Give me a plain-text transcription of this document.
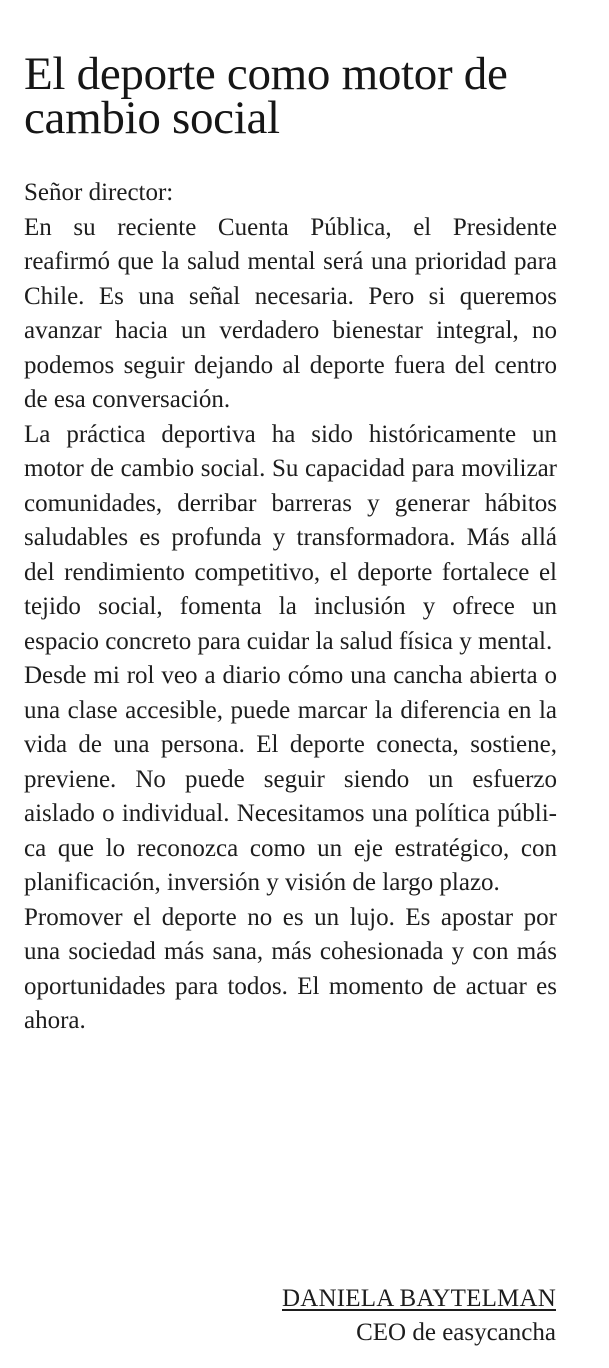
El deporte como motor de cambio social

Señor director:

En su reciente Cuenta Pública, el Presidente reafirmó que la salud mental será una prioridad para Chile. Es una señal necesaria. Pero si queremos avanzar hacia un verdadero bienestar integral, no podemos seguir dejando al deporte fuera del centro de esa conversación.

La práctica deportiva ha sido históricamente un motor de cambio social. Su capacidad para movilizar comunidades, derribar barreras y generar hábitos saludables es profunda y transformadora. Más allá del rendimiento competitivo, el deporte fortalece el tejido social, fomenta la inclusión y ofrece un espacio concreto para cuidar la salud física y mental.

Desde mi rol veo a diario cómo una cancha abierta o una clase accesible, puede marcar la diferencia en la vida de una persona. El deporte conecta, sostiene, previene. No puede seguir siendo un esfuerzo aislado o individual. Necesitamos una política pública que lo reconozca como un eje estratégico, con planificación, inversión y visión de largo plazo.

Promover el deporte no es un lujo. Es apostar por una sociedad más sana, más cohesionada y con más oportunidades para todos. El momento de actuar es ahora.

DANIELA BAYTELMAN
CEO de easycancha
